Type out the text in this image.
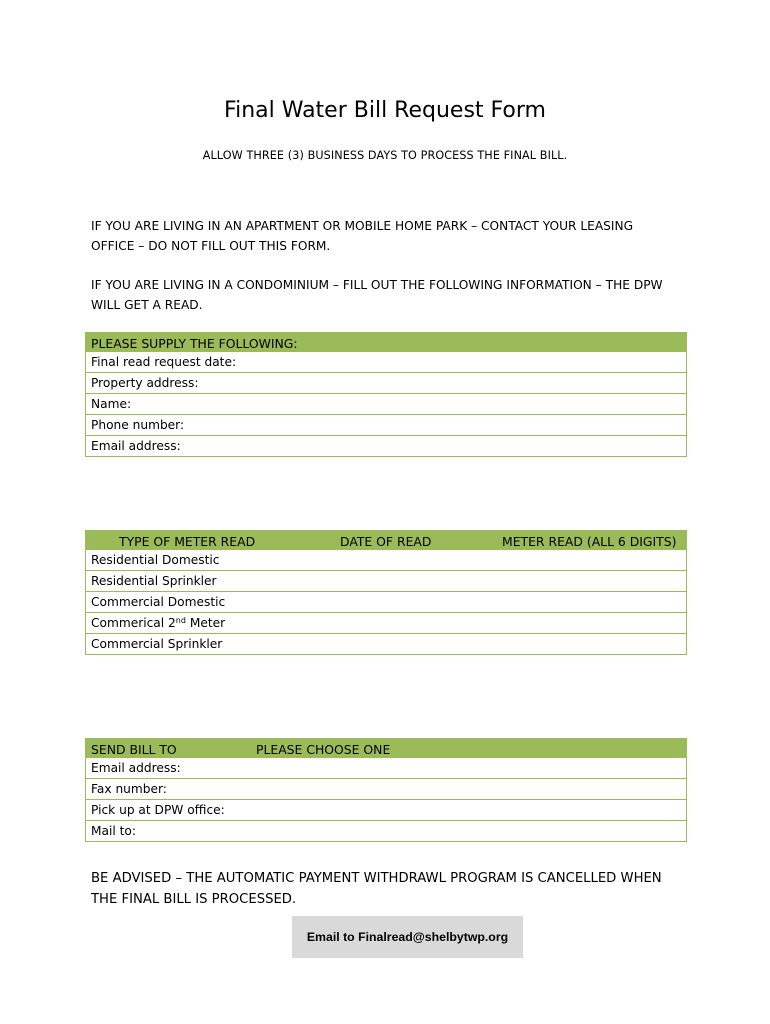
Final Water Bill Request Form
ALLOW THREE (3) BUSINESS DAYS TO PROCESS THE FINAL BILL.
IF YOU ARE LIVING IN AN APARTMENT OR MOBILE HOME PARK – CONTACT YOUR LEASING
OFFICE – DO NOT FILL OUT THIS FORM.
IF YOU ARE LIVING IN A CONDOMINIUM – FILL OUT THE FOLLOWING INFORMATION – THE DPW
WILL GET A READ.
PLEASE SUPPLY THE FOLLOWING:
Final read request date:
Property address:
Name:
Phone number:
Email address:
TYPE OF METER READ	DATE OF READ	METER READ (ALL 6 DIGITS)
Residential Domestic
Residential Sprinkler
Commercial Domestic
Commerical 2nd Meter
Commercial Sprinkler
SEND BILL TO	PLEASE CHOOSE ONE
Email address:
Fax number:
Pick up at DPW office:
Mail to:
BE ADVISED – THE AUTOMATIC PAYMENT WITHDRAWL PROGRAM IS CANCELLED WHEN
THE FINAL BILL IS PROCESSED.
Email to Finalread@shelbytwp.org
